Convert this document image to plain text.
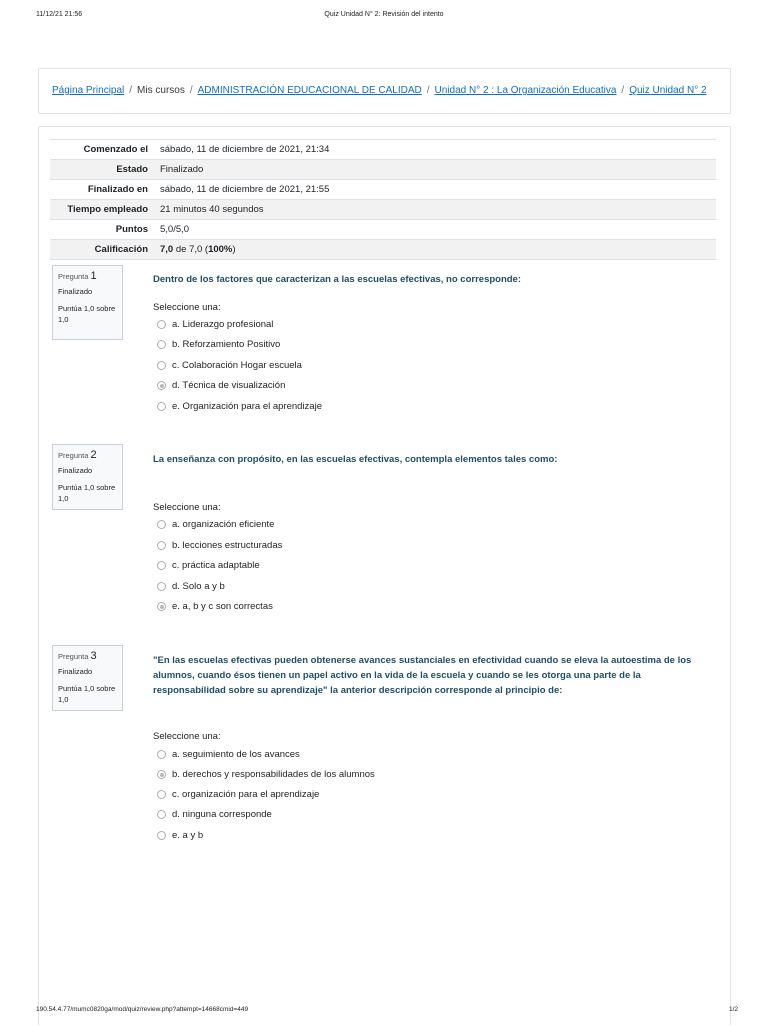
11/12/21 21:56	Quiz Unidad N° 2: Revisión del intento
Página Principal / Mis cursos / ADMINISTRACIÓN EDUCACIONAL DE CALIDAD / Unidad N° 2 : La Organización Educativa / Quiz Unidad N° 2
Comenzado el	sábado, 11 de diciembre de 2021, 21:34
Estado	Finalizado
Finalizado en	sábado, 11 de diciembre de 2021, 21:55
Tiempo empleado	21 minutos 40 segundos
Puntos	5,0/5,0
Calificación	7,0 de 7,0 (100%)
Pregunta 1
Finalizado
Puntúa 1,0 sobre 1,0
Dentro de los factores que caracterizan a las escuelas efectivas, no corresponde:
Seleccione una:
a. Liderazgo profesional
b. Reforzamiento Positivo
c. Colaboración Hogar escuela
d. Técnica de visualización
e. Organización para el aprendizaje
Pregunta 2
Finalizado
Puntúa 1,0 sobre 1,0
La enseñanza con propósito, en las escuelas efectivas, contempla elementos tales como:
Seleccione una:
a. organización eficiente
b. lecciones estructuradas
c. práctica adaptable
d. Solo a y b
e. a, b y c son correctas
Pregunta 3
Finalizado
Puntúa 1,0 sobre 1,0
"En las escuelas efectivas pueden obtenerse avances sustanciales en efectividad cuando se eleva la autoestima de los alumnos, cuando ésos tienen un papel activo en la vida de la escuela y cuando se les otorga una parte de la responsabilidad sobre su aprendizaje" la anterior descripción corresponde al principio de:
Seleccione una:
a. seguimiento de los avances
b. derechos y responsabilidades de los alumnos
c. organización para el aprendizaje
d. ninguna corresponde
e. a y b
190.54.4.77/mumc0820ga/mod/quiz/review.php?attempt=14668cmid=449	1/2
